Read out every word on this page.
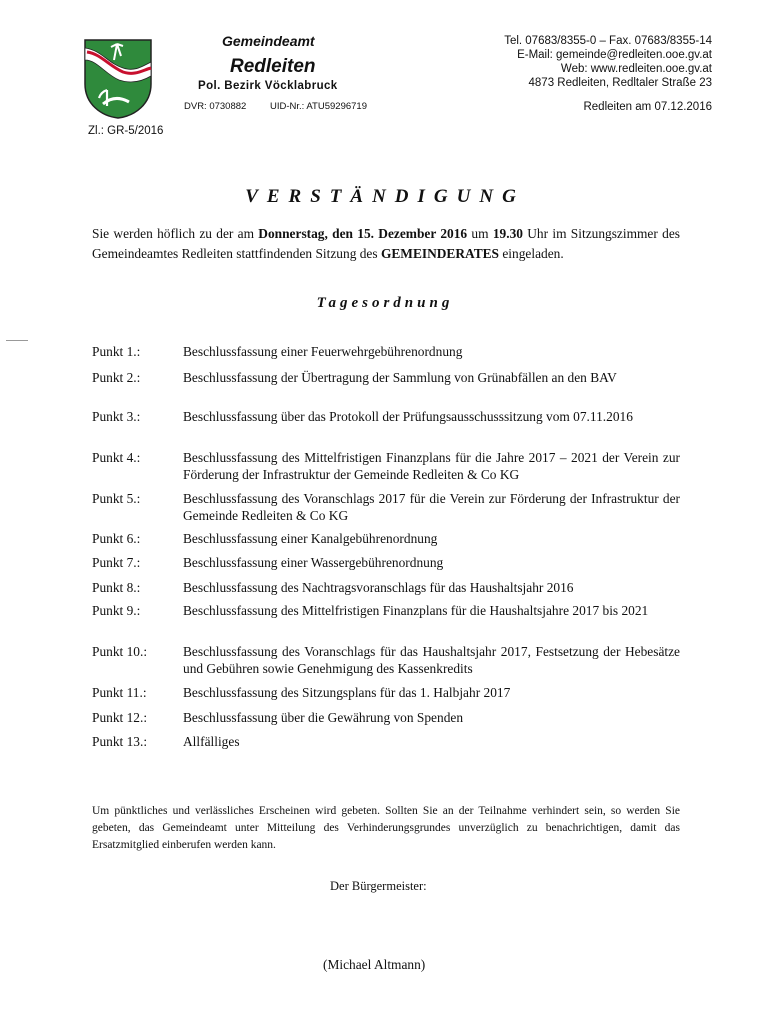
Gemeindeamt
Redleiten
Pol. Bezirk Vöcklabruck
DVR: 0730882 UID-Nr.: ATU59296719
Tel. 07683/8355-0 – Fax. 07683/8355-14
E-Mail: gemeinde@redleiten.ooe.gv.at
Web: www.redleiten.ooe.gv.at
4873 Redleiten, Redltaler Straße 23
Redleiten am 07.12.2016
Zl.: GR-5/2016
VERSTÄNDIGUNG
Sie werden höflich zu der am Donnerstag, den 15. Dezember 2016 um 19.30 Uhr im Sitzungszimmer des Gemeindeamtes Redleiten stattfindenden Sitzung des GEMEINDERATES eingeladen.
Tagesordnung
Punkt 1.:	Beschlussfassung einer Feuerwehrgebührenordnung
Punkt 2.:	Beschlussfassung der Übertragung der Sammlung von Grünabfällen an den BAV
Punkt 3.:	Beschlussfassung über das Protokoll der Prüfungsausschusssitzung vom 07.11.2016
Punkt 4.:	Beschlussfassung des Mittelfristigen Finanzplans für die Jahre 2017 – 2021 der Verein zur Förderung der Infrastruktur der Gemeinde Redleiten & Co KG
Punkt 5.:	Beschlussfassung des Voranschlags 2017 für die Verein zur Förderung der Infrastruktur der Gemeinde Redleiten & Co KG
Punkt 6.:	Beschlussfassung einer Kanalgebührenordnung
Punkt 7.:	Beschlussfassung einer Wassergebührenordnung
Punkt 8.:	Beschlussfassung des Nachtragsvoranschlags für das Haushaltsjahr 2016
Punkt 9.:	Beschlussfassung des Mittelfristigen Finanzplans für die Haushaltsjahre 2017 bis 2021
Punkt 10.:	Beschlussfassung des Voranschlags für das Haushaltsjahr 2017, Festsetzung der Hebesätze und Gebühren sowie Genehmigung des Kassenkredits
Punkt 11.:	Beschlussfassung des Sitzungsplans für das 1. Halbjahr 2017
Punkt 12.:	Beschlussfassung über die Gewährung von Spenden
Punkt 13.:	Allfälliges
Um pünktliches und verlässliches Erscheinen wird gebeten. Sollten Sie an der Teilnahme verhindert sein, so werden Sie gebeten, das Gemeindeamt unter Mitteilung des Verhinderungsgrundes unverzüglich zu benachrichtigen, damit das Ersatzmitglied einberufen werden kann.
Der Bürgermeister:
(Michael Altmann)
